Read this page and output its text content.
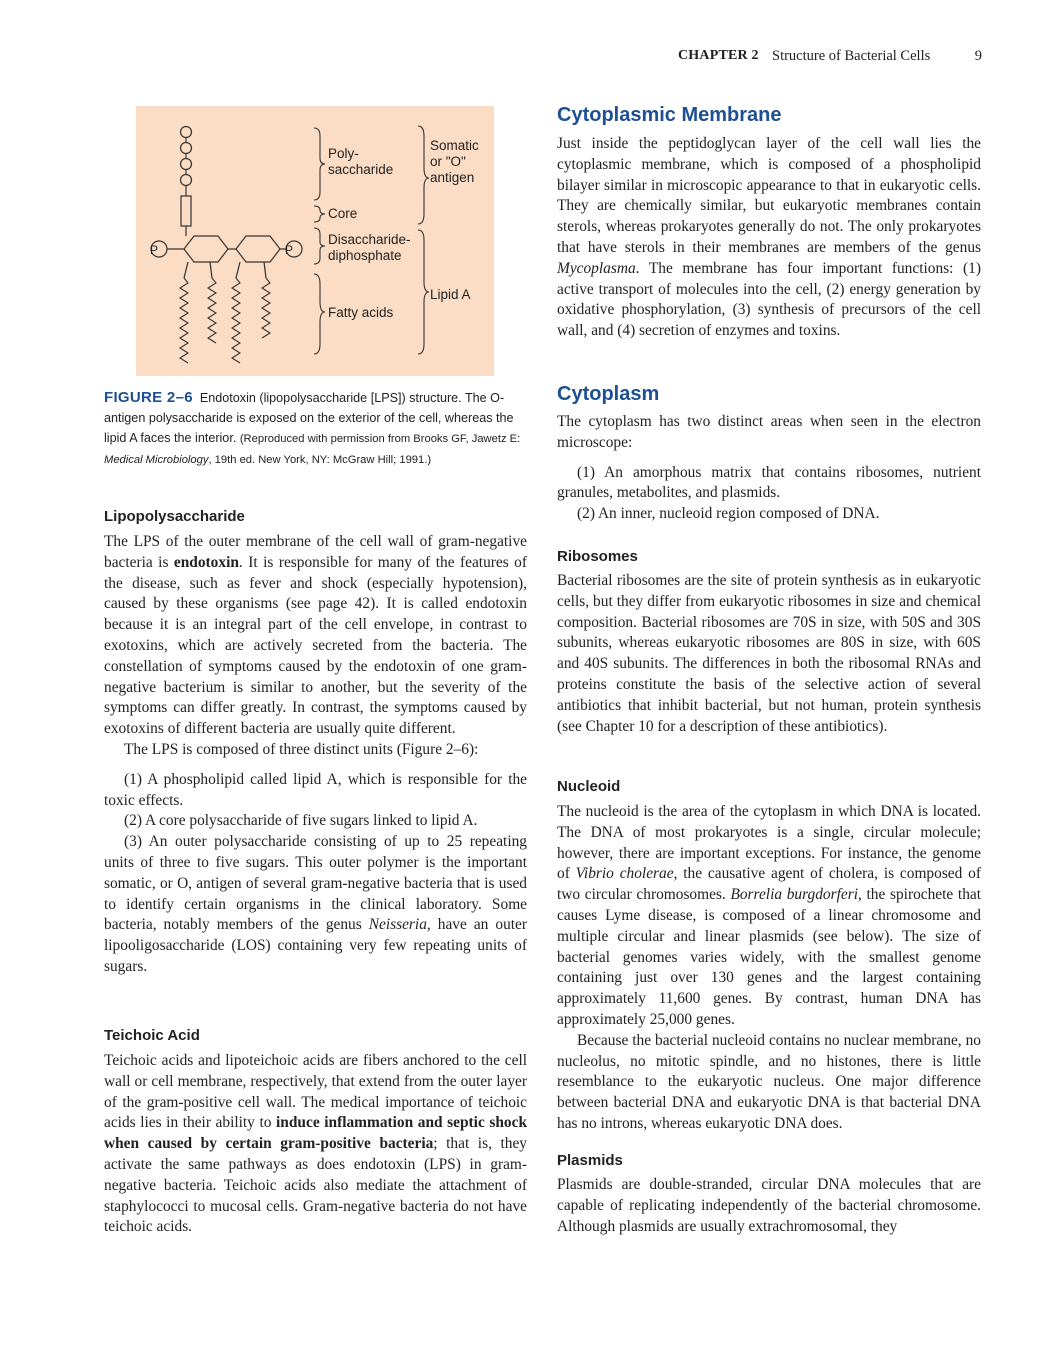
CHAPTER 2 Structure of Bacterial Cells	9
P	P
Poly-
saccharide
Somatic
or "O"
antigen
Core
Disaccharide-
diphosphate
Lipid A
Fatty acids
FIGURE 2–6 Endotoxin (lipopolysaccharide [LPS]) structure. The O-antigen polysaccharide is exposed on the exterior of the cell, whereas the lipid A faces the interior. (Reproduced with permission from Brooks GF, Jawetz E: Medical Microbiology, 19th ed. New York, NY: McGraw Hill; 1991.)
Lipopolysaccharide

The LPS of the outer membrane of the cell wall of gram-negative bacteria is endotoxin. It is responsible for many of the features of the disease, such as fever and shock (especially hypotension), caused by these organisms (see page 42). It is called endotoxin because it is an integral part of the cell envelope, in contrast to exotoxins, which are actively secreted from the bacteria. The constellation of symptoms caused by the endotoxin of one gram-negative bacterium is similar to another, but the severity of the symptoms can differ greatly. In contrast, the symptoms caused by exotoxins of different bacteria are usually quite different.

The LPS is composed of three distinct units (Figure 2–6):

(1) A phospholipid called lipid A, which is responsible for the toxic effects.

(2) A core polysaccharide of five sugars linked to lipid A.

(3) An outer polysaccharide consisting of up to 25 repeating units of three to five sugars. This outer polymer is the important somatic, or O, antigen of several gram-negative bacteria that is used to identify certain organisms in the clinical laboratory. Some bacteria, notably members of the genus Neisseria, have an outer lipooligosaccharide (LOS) containing very few repeating units of sugars.

Teichoic Acid

Teichoic acids and lipoteichoic acids are fibers anchored to the cell wall or cell membrane, respectively, that extend from the outer layer of the gram-positive cell wall. The medical importance of teichoic acids lies in their ability to induce inflammation and septic shock when caused by certain gram-positive bacteria; that is, they activate the same pathways as does endotoxin (LPS) in gram-negative bacteria. Teichoic acids also mediate the attachment of staphylococci to mucosal cells. Gram-negative bacteria do not have teichoic acids.

Cytoplasmic Membrane

Just inside the peptidoglycan layer of the cell wall lies the cytoplasmic membrane, which is composed of a phospholipid bilayer similar in microscopic appearance to that in eukaryotic cells. They are chemically similar, but eukaryotic membranes contain sterols, whereas prokaryotes generally do not. The only prokaryotes that have sterols in their membranes are members of the genus Mycoplasma. The membrane has four important functions: (1) active transport of molecules into the cell, (2) energy generation by oxidative phosphorylation, (3) synthesis of precursors of the cell wall, and (4) secretion of enzymes and toxins.

Cytoplasm

The cytoplasm has two distinct areas when seen in the electron microscope:

(1) An amorphous matrix that contains ribosomes, nutrient granules, metabolites, and plasmids.

(2) An inner, nucleoid region composed of DNA.

Ribosomes

Bacterial ribosomes are the site of protein synthesis as in eukaryotic cells, but they differ from eukaryotic ribosomes in size and chemical composition. Bacterial ribosomes are 70S in size, with 50S and 30S subunits, whereas eukaryotic ribosomes are 80S in size, with 60S and 40S subunits. The differences in both the ribosomal RNAs and proteins constitute the basis of the selective action of several antibiotics that inhibit bacterial, but not human, protein synthesis (see Chapter 10 for a description of these antibiotics).

Nucleoid

The nucleoid is the area of the cytoplasm in which DNA is located. The DNA of most prokaryotes is a single, circular molecule; however, there are important exceptions. For instance, the genome of Vibrio cholerae, the causative agent of cholera, is composed of two circular chromosomes. Borrelia burgdorferi, the spirochete that causes Lyme disease, is composed of a linear chromosome and multiple circular and linear plasmids (see below). The size of bacterial genomes varies widely, with the smallest genome containing just over 130 genes and the largest containing approximately 11,600 genes. By contrast, human DNA has approximately 25,000 genes.

Because the bacterial nucleoid contains no nuclear membrane, no nucleolus, no mitotic spindle, and no histones, there is little resemblance to the eukaryotic nucleus. One major difference between bacterial DNA and eukaryotic DNA is that bacterial DNA has no introns, whereas eukaryotic DNA does.

Plasmids

Plasmids are double-stranded, circular DNA molecules that are capable of replicating independently of the bacterial chromosome. Although plasmids are usually extrachromosomal, they
